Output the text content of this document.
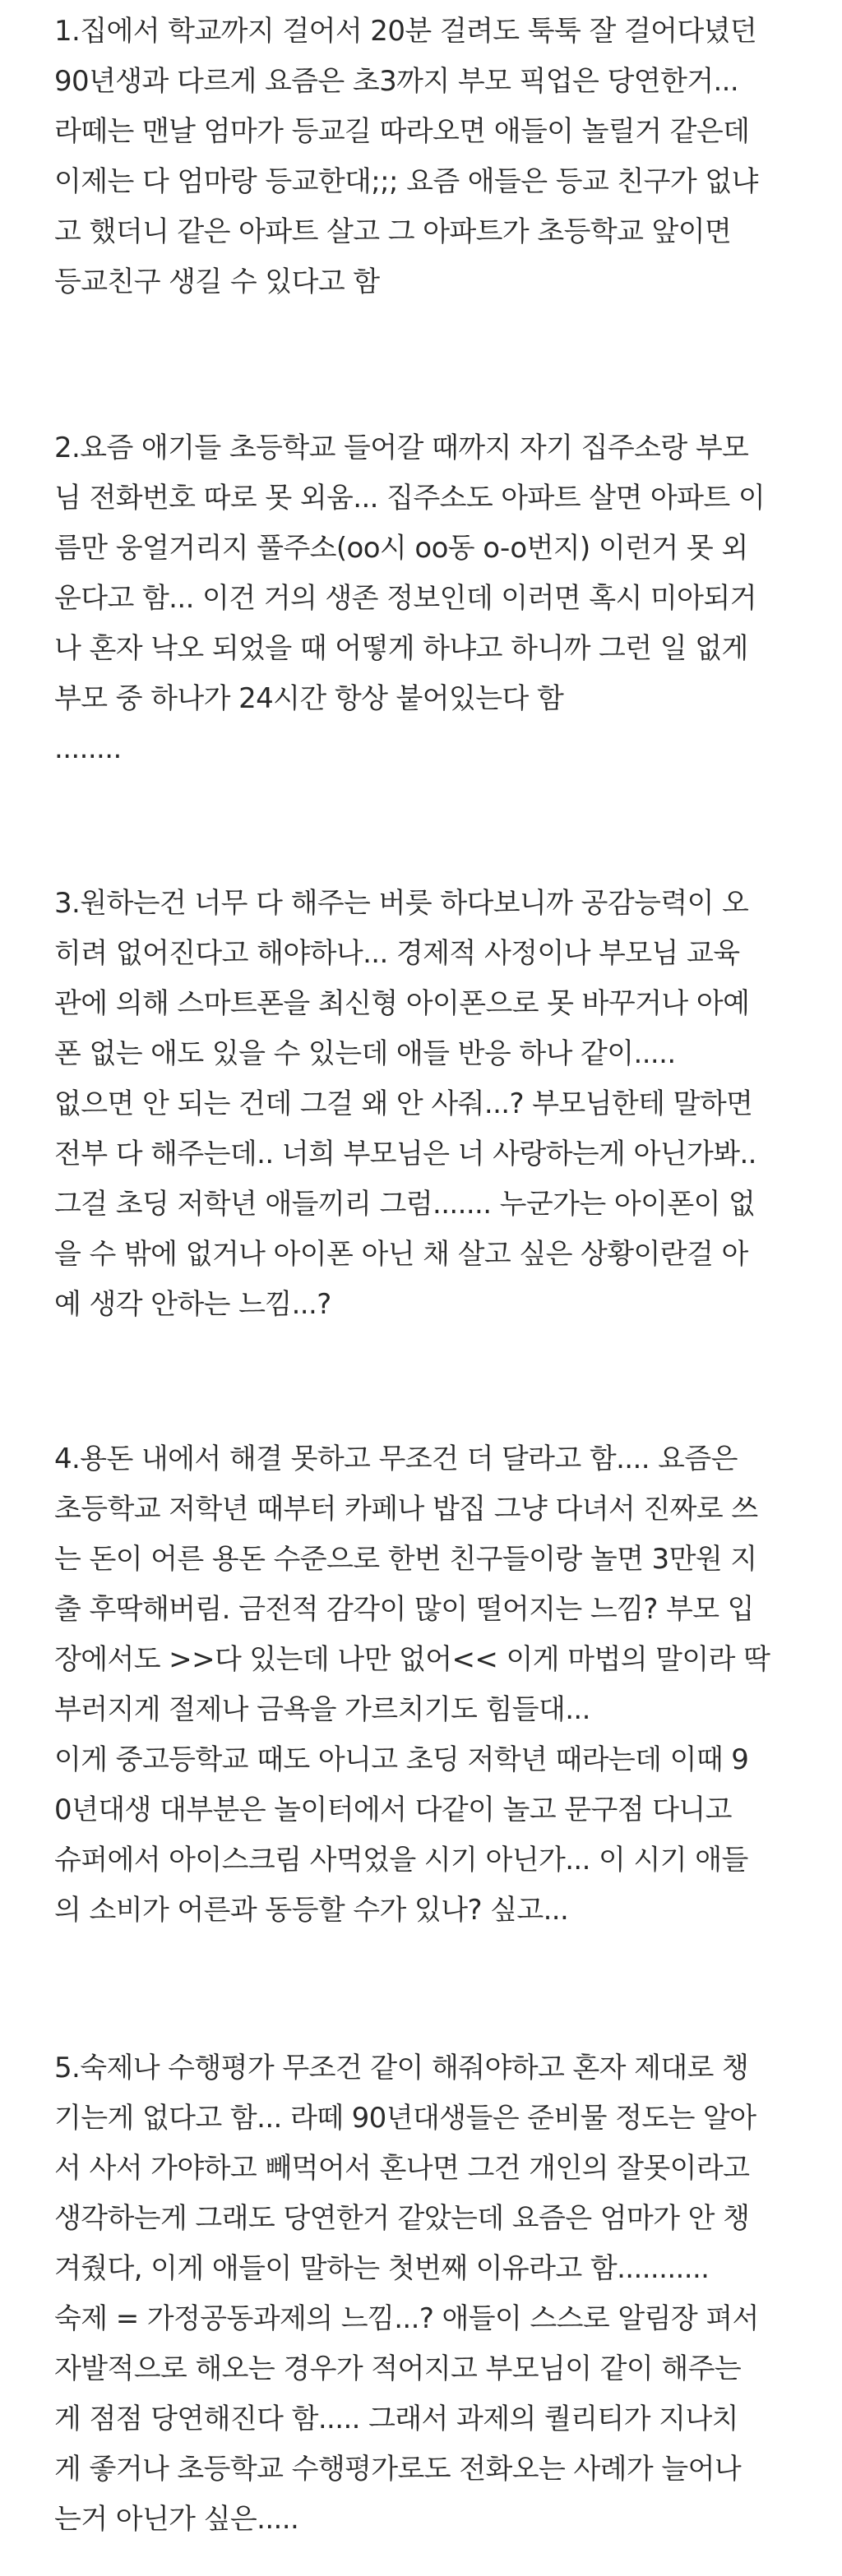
1.집에서 학교까지 걸어서 20분 걸려도 툭툭 잘 걸어다녔던
90년생과 다르게 요즘은 초3까지 부모 픽업은 당연한거...
라떼는 맨날 엄마가 등교길 따라오면 애들이 놀릴거 같은데
이제는 다 엄마랑 등교한대;;; 요즘 애들은 등교 친구가 없냐
고 했더니 같은 아파트 살고 그 아파트가 초등학교 앞이면
등교친구 생길 수 있다고 함
2.요즘 애기들 초등학교 들어갈 때까지 자기 집주소랑 부모
님 전화번호 따로 못 외움... 집주소도 아파트 살면 아파트 이
름만 웅얼거리지 풀주소(oo시 oo동 o-o번지) 이런거 못 외
운다고 함... 이건 거의 생존 정보인데 이러면 혹시 미아되거
나 혼자 낙오 되었을 때 어떻게 하냐고 하니까 그런 일 없게
부모 중 하나가 24시간 항상 붙어있는다 함
........
3.원하는건 너무 다 해주는 버릇 하다보니까 공감능력이 오
히려 없어진다고 해야하나... 경제적 사정이나 부모님 교육
관에 의해 스마트폰을 최신형 아이폰으로 못 바꾸거나 아예
폰 없는 애도 있을 수 있는데 애들 반응 하나 같이.....
없으면 안 되는 건데 그걸 왜 안 사줘...? 부모님한테 말하면
전부 다 해주는데.. 너희 부모님은 너 사랑하는게 아닌가봐..
그걸 초딩 저학년 애들끼리 그럼....... 누군가는 아이폰이 없
을 수 밖에 없거나 아이폰 아닌 채 살고 싶은 상황이란걸 아
예 생각 안하는 느낌...?
4.용돈 내에서 해결 못하고 무조건 더 달라고 함.... 요즘은
초등학교 저학년 때부터 카페나 밥집 그냥 다녀서 진짜로 쓰
는 돈이 어른 용돈 수준으로 한번 친구들이랑 놀면 3만원 지
출 후딱해버림. 금전적 감각이 많이 떨어지는 느낌? 부모 입
장에서도 >>다 있는데 나만 없어<< 이게 마법의 말이라 딱
부러지게 절제나 금욕을 가르치기도 힘들대...
이게 중고등학교 때도 아니고 초딩 저학년 때라는데 이때 9
0년대생 대부분은 놀이터에서 다같이 놀고 문구점 다니고
슈퍼에서 아이스크림 사먹었을 시기 아닌가... 이 시기 애들
의 소비가 어른과 동등할 수가 있나? 싶고...
5.숙제나 수행평가 무조건 같이 해줘야하고 혼자 제대로 챙
기는게 없다고 함... 라떼 90년대생들은 준비물 정도는 알아
서 사서 가야하고 빼먹어서 혼나면 그건 개인의 잘못이라고
생각하는게 그래도 당연한거 같았는데 요즘은 엄마가 안 챙
겨줬다, 이게 애들이 말하는 첫번째 이유라고 함...........
숙제 = 가정공동과제의 느낌...? 애들이 스스로 알림장 펴서
자발적으로 해오는 경우가 적어지고 부모님이 같이 해주는
게 점점 당연해진다 함..... 그래서 과제의 퀄리티가 지나치
게 좋거나 초등학교 수행평가로도 전화오는 사례가 늘어나
는거 아닌가 싶은.....
